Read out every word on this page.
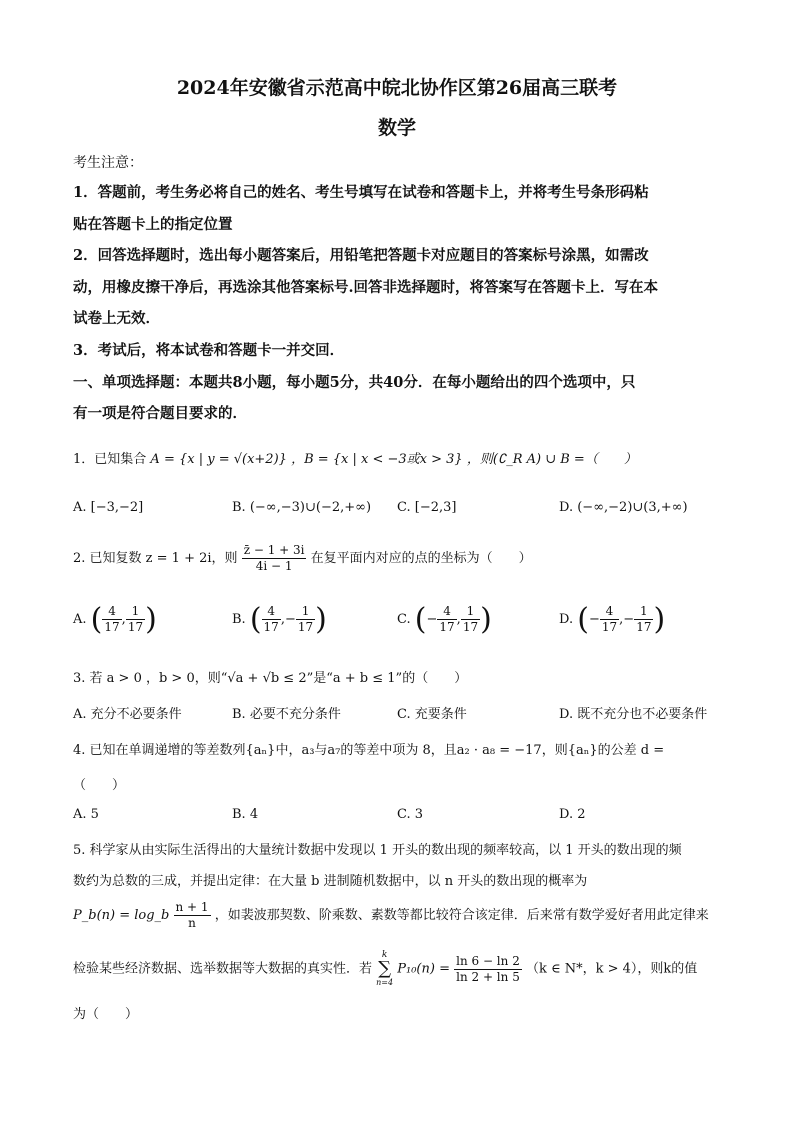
2024年安徽省示范高中皖北协作区第26届高三联考
数学
考生注意：
1．答题前，考生务必将自己的姓名、考生号填写在试卷和答题卡上，并将考生号条形码粘
贴在答题卡上的指定位置
2．回答选择题时，选出每小题答案后，用铅笔把答题卡对应题目的答案标号涂黑，如需改
动，用橡皮擦干净后，再选涂其他答案标号.回答非选择题时，将答案写在答题卡上．写在本
试卷上无效．
3．考试后，将本试卷和答题卡一并交回．
一、单项选择题：本题共8小题，每小题5分，共40分．在每小题给出的四个选项中，只
有一项是符合题目要求的．
1．已知集合 A = {x | y = √(x+2)} ，B = {x | x < −3或x > 3} ，则(∁_R A) ∪ B =（　　）
A. [−3,−2]	B. (−∞,−3)∪(−2,+∞) C. [−2,3]	D. (−∞,−2)∪(3,+∞)
2. 已知复数 z = 1 + 2i，则 $\frac{z̄ - 1 + 3i}{4i - 1}$ 在复平面内对应的点的坐标为（　　）
A. ( $\frac{4}{17}$ , $\frac{1}{17}$ )	B. ( $\frac{4}{17}$ ,− $\frac{1}{17}$ )	C. (− $\frac{4}{17}$ , $\frac{1}{17}$ )	D. (− $\frac{4}{17}$ ,− $\frac{1}{17}$ )
3. 若 a > 0 ，b > 0，则“√a + √b ≤ 2”是“a + b ≤ 1”的（　　）
A. 充分不必要条件	B. 必要不充分条件	C. 充要条件	D. 既不充分也不必要条件
4. 已知在单调递增的等差数列{aₙ}中，a₃与a₇的等差中项为 8，且a₂ · a₈ = −17，则{aₙ}的公差 d =
（　　）
A. 5	B. 4	C. 3	D. 2
5. 科学家从由实际生活得出的大量统计数据中发现以 1 开头的数出现的频率较高，以 1 开头的数出现的频
数约为总数的三成，并提出定律：在大量 b 进制随机数据中，以 n 开头的数出现的概率为
P_b(n) = log_b $\frac{n + 1}{n}$ ，如裴波那契数、阶乘数、素数等都比较符合该定律．后来常有数学爱好者用此定律来
检验某些经济数据、选举数据等大数据的真实性．若
k
∑
n=4
$P_{10}(n) = \frac{\ln 6 - \ln 2}{\ln 2 + \ln 5} (k$ ∈ N*，k > 4），则k的值
为（　　）
